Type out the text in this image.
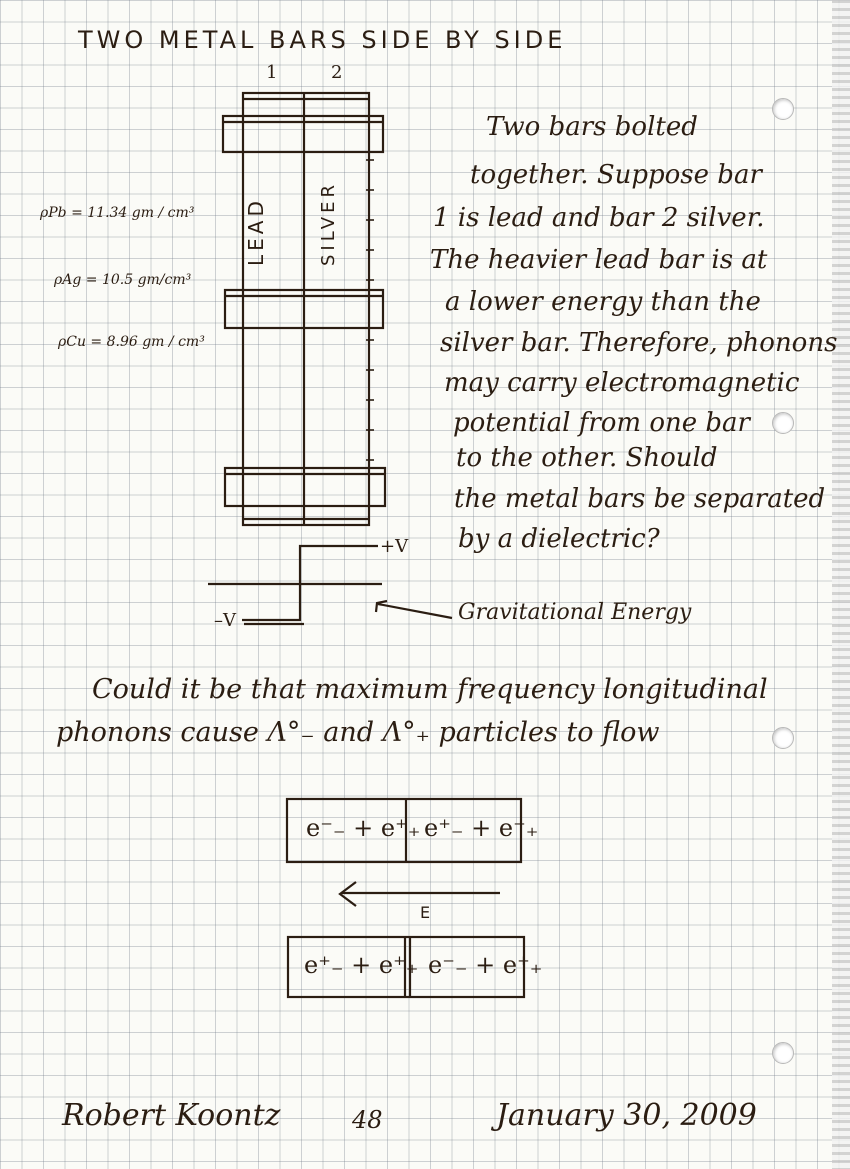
TWO METAL BARS SIDE BY SIDE
1	2
LEAD	SILVER
ρPb = 11.34 gm / cm³
ρAg = 10.5 gm/cm³
ρCu = 8.96 gm / cm³
Two bars bolted
together. Suppose bar
1 is lead and bar 2 silver.
The heavier lead bar is at
a lower energy than the
silver bar. Therefore, phonons
may carry electromagnetic
potential from one bar
to the other. Should
the metal bars be separated
by a dielectric?
+V
–V	Gravitational Energy
Could it be that maximum frequency longitudinal
phonons cause Λ°₋ and Λ°₊ particles to flow
e⁻₋ + e⁺₊ e⁺₋ + e⁻₊
E
e⁺₋ + e⁺₊ e⁻₋ + e⁺₊
Robert Koontz	48	January 30, 2009
